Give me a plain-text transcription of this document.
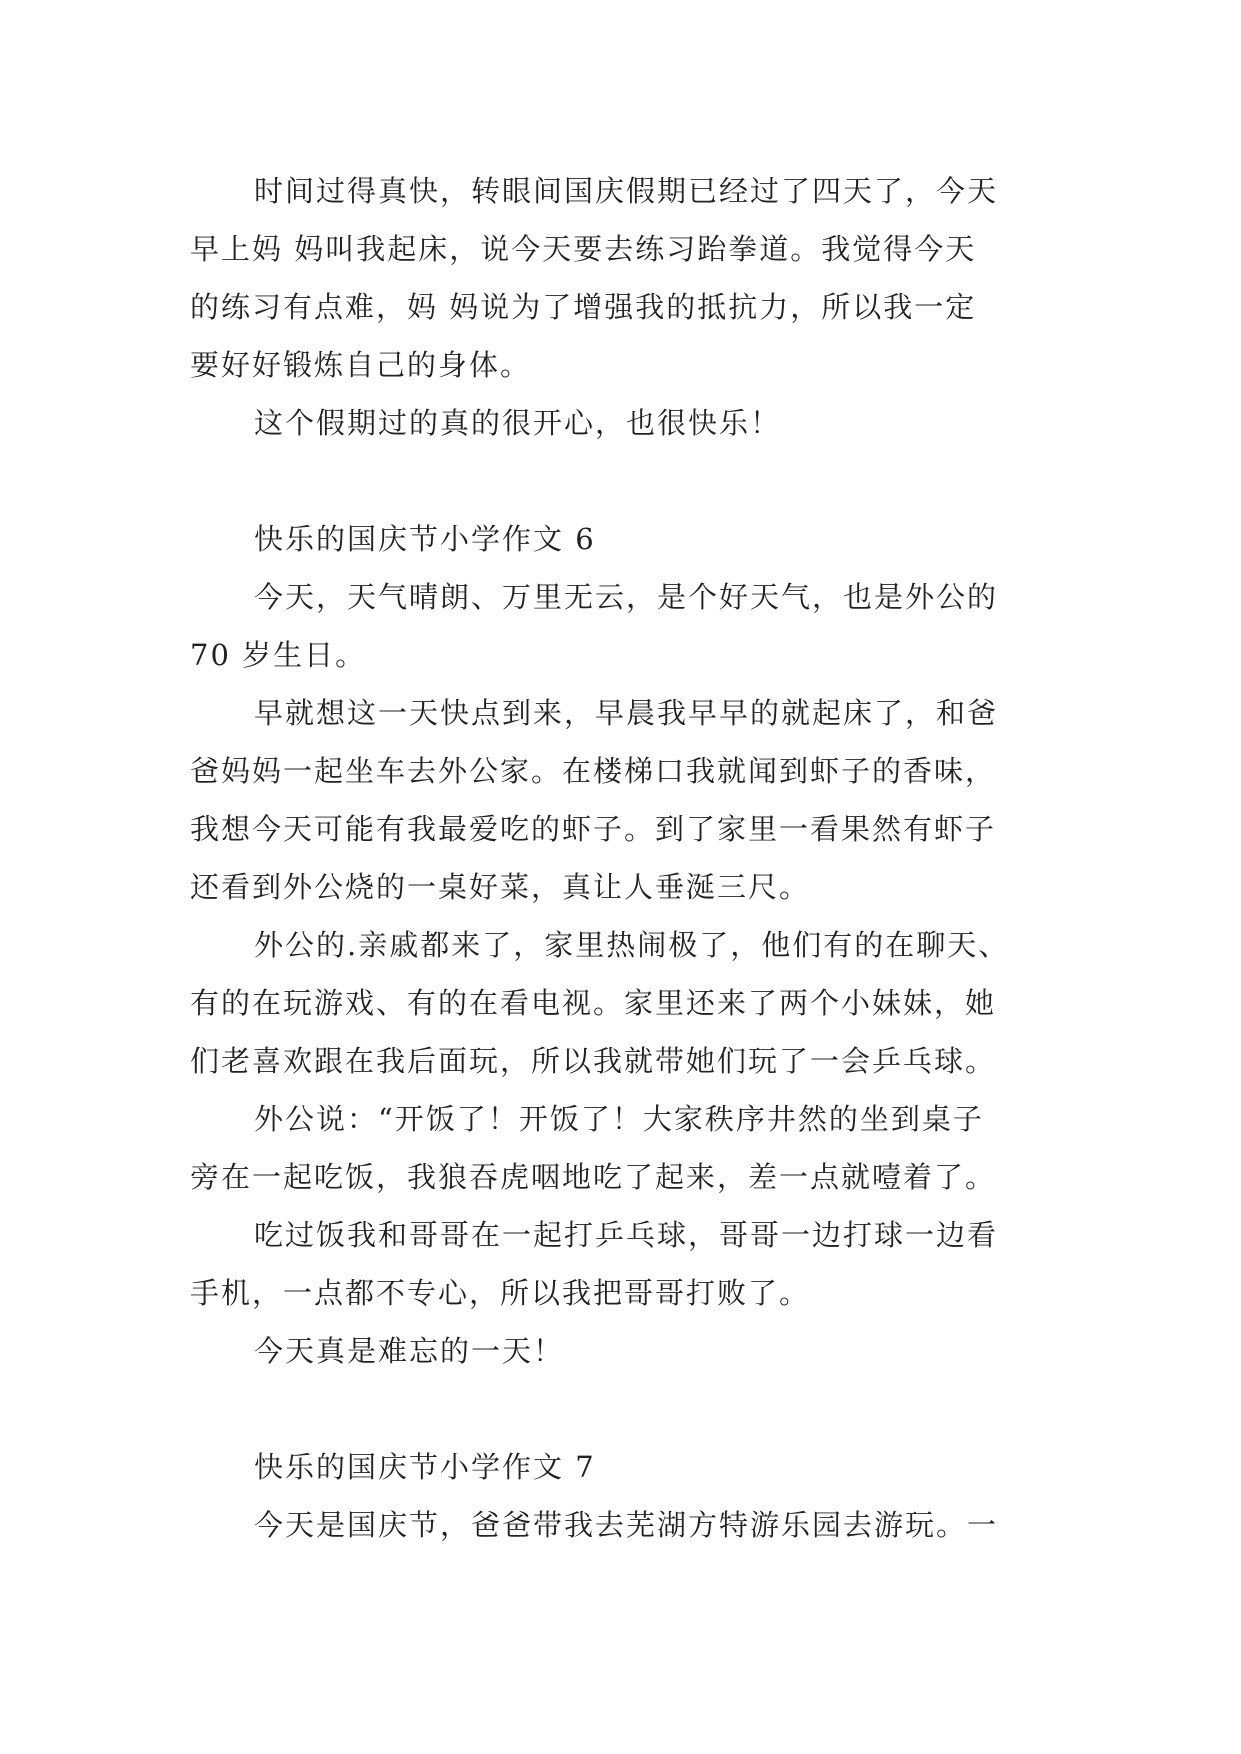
时间过得真快，转眼间国庆假期已经过了四天了，今天
早上妈 妈叫我起床，说今天要去练习跆拳道。我觉得今天
的练习有点难，妈 妈说为了增强我的抵抗力，所以我一定
要好好锻炼自己的身体。

这个假期过的真的很开心，也很快乐！

快乐的国庆节小学作文 6

今天，天气晴朗、万里无云，是个好天气，也是外公的
70 岁生日。

早就想这一天快点到来，早晨我早早的就起床了，和爸
爸妈妈一起坐车去外公家。在楼梯口我就闻到虾子的香味，
我想今天可能有我最爱吃的虾子。到了家里一看果然有虾子
还看到外公烧的一桌好菜，真让人垂涎三尺。

外公的.亲戚都来了，家里热闹极了，他们有的在聊天、
有的在玩游戏、有的在看电视。家里还来了两个小妹妹，她
们老喜欢跟在我后面玩，所以我就带她们玩了一会乒乓球。

外公说：“开饭了！开饭了！大家秩序井然的坐到桌子
旁在一起吃饭，我狼吞虎咽地吃了起来，差一点就噎着了。

吃过饭我和哥哥在一起打乒乓球，哥哥一边打球一边看
手机，一点都不专心，所以我把哥哥打败了。

今天真是难忘的一天！

快乐的国庆节小学作文 7

今天是国庆节，爸爸带我去芜湖方特游乐园去游玩。一
